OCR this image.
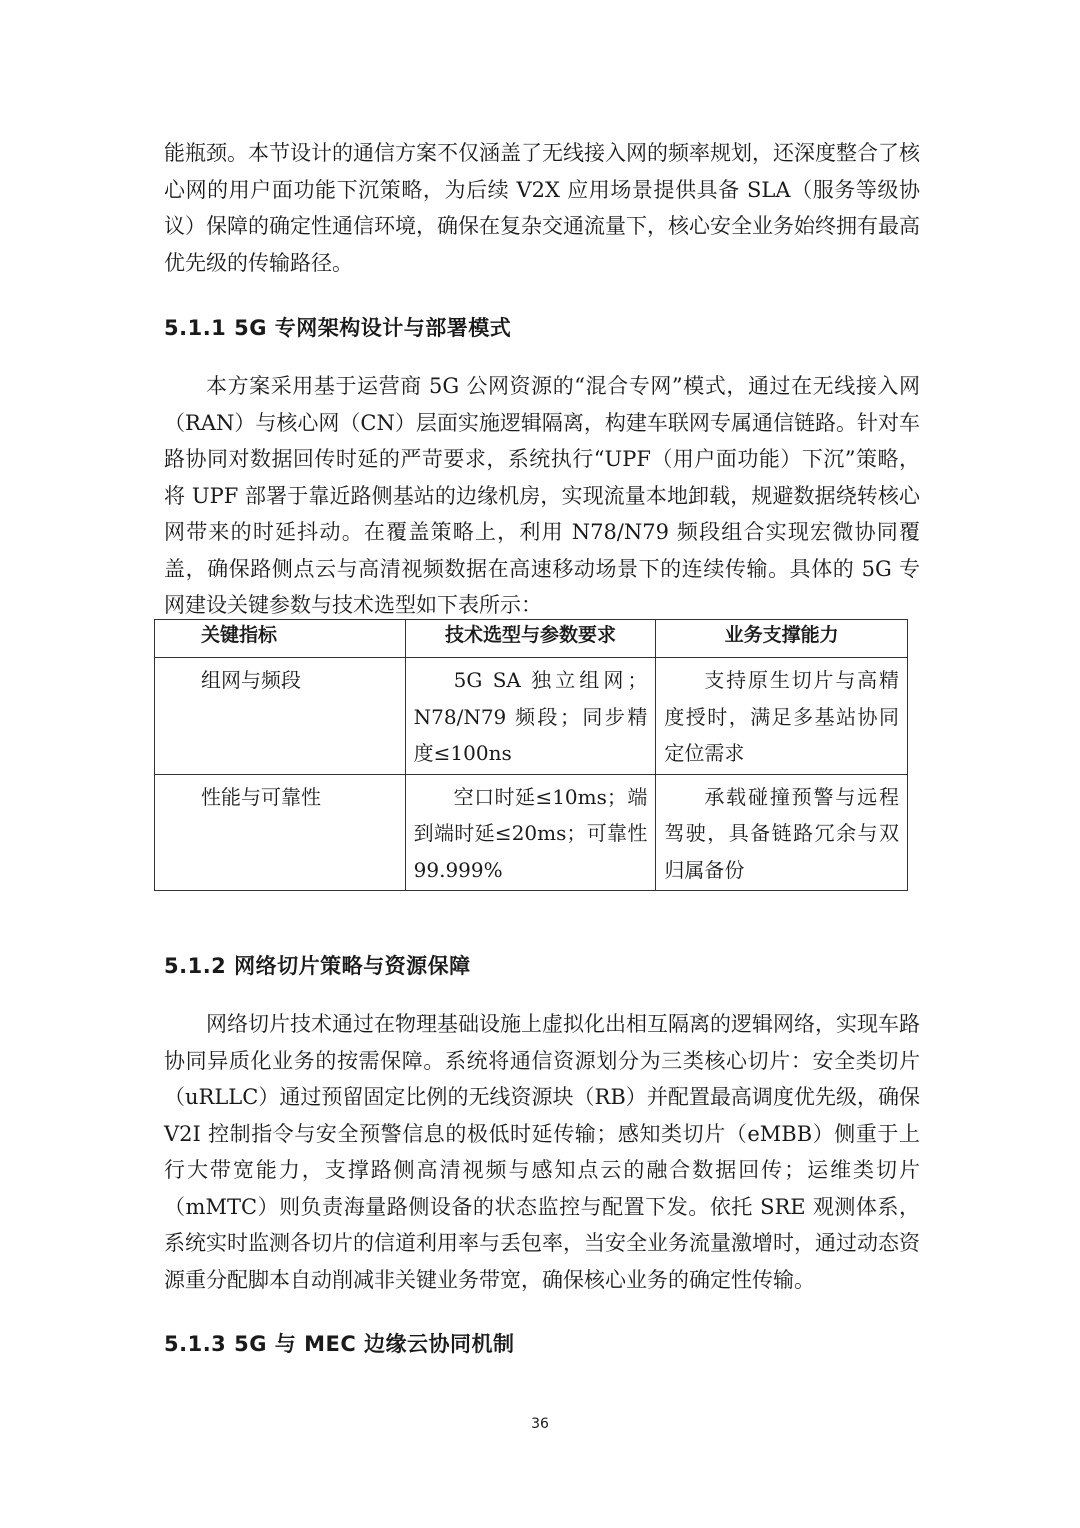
能瓶颈。本节设计的通信方案不仅涵盖了无线接入网的频率规划，还深度整合了核心网的用户面功能下沉策略，为后续 V2X 应用场景提供具备 SLA（服务等级协议）保障的确定性通信环境，确保在复杂交通流量下，核心安全业务始终拥有最高优先级的传输路径。

5.1.1 5G 专网架构设计与部署模式

本方案采用基于运营商 5G 公网资源的“混合专网”模式，通过在无线接入网（RAN）与核心网（CN）层面实施逻辑隔离，构建车联网专属通信链路。针对车路协同对数据回传时延的严苛要求，系统执行“UPF（用户面功能）下沉”策略，将 UPF 部署于靠近路侧基站的边缘机房，实现流量本地卸载，规避数据绕转核心网带来的时延抖动。在覆盖策略上，利用 N78/N79 频段组合实现宏微协同覆盖，确保路侧点云与高清视频数据在高速移动场景下的连续传输。具体的 5G 专网建设关键参数与技术选型如下表所示：

关键指标	技术选型与参数要求	业务支撑能力
组网与频段	5G SA 独立组网；N78/N79 频段；同步精度≤100ns	支持原生切片与高精度授时，满足多基站协同定位需求
性能与可靠性	空口时延≤10ms；端到端时延≤20ms；可靠性 99.999%	承载碰撞预警与远程驾驶，具备链路冗余与双归属备份
5.1.2 网络切片策略与资源保障

网络切片技术通过在物理基础设施上虚拟化出相互隔离的逻辑网络，实现车路协同异质化业务的按需保障。系统将通信资源划分为三类核心切片：安全类切片（uRLLC）通过预留固定比例的无线资源块（RB）并配置最高调度优先级，确保 V2I 控制指令与安全预警信息的极低时延传输；感知类切片（eMBB）侧重于上行大带宽能力，支撑路侧高清视频与感知点云的融合数据回传；运维类切片（mMTC）则负责海量路侧设备的状态监控与配置下发。依托 SRE 观测体系，系统实时监测各切片的信道利用率与丢包率，当安全业务流量激增时，通过动态资源重分配脚本自动削减非关键业务带宽，确保核心业务的确定性传输。

5.1.3 5G 与 MEC 边缘云协同机制
36
